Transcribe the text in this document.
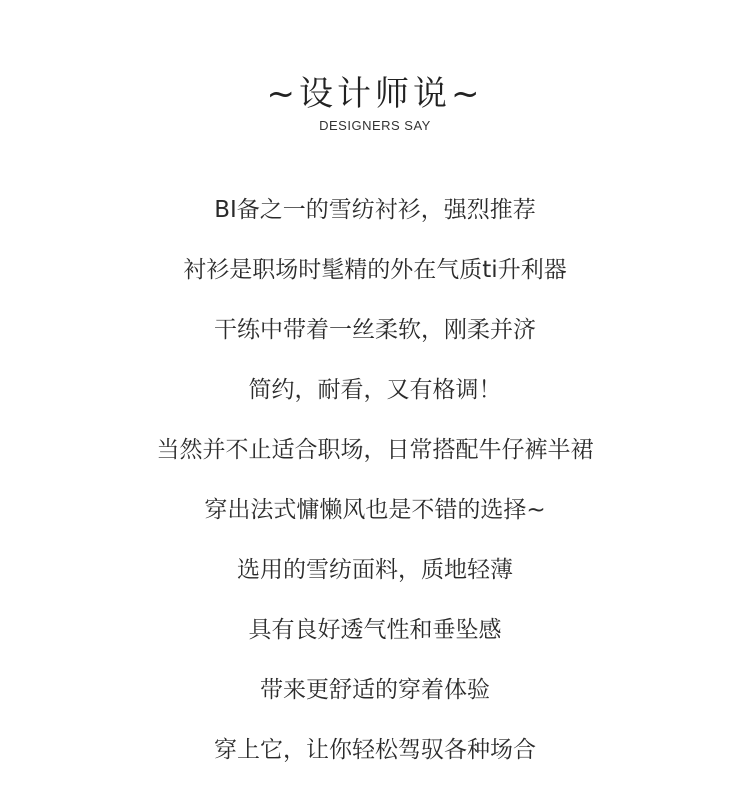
~设计师说~
DESIGNERS SAY
BI备之一的雪纺衬衫，强烈推荐
衬衫是职场时髦精的外在气质ti升利器
干练中带着一丝柔软，刚柔并济
简约，耐看，又有格调！
当然并不止适合职场，日常搭配牛仔裤半裙
穿出法式慵懒风也是不错的选择~
选用的雪纺面料，质地轻薄
具有良好透气性和垂坠感
带来更舒适的穿着体验
穿上它，让你轻松驾驭各种场合
